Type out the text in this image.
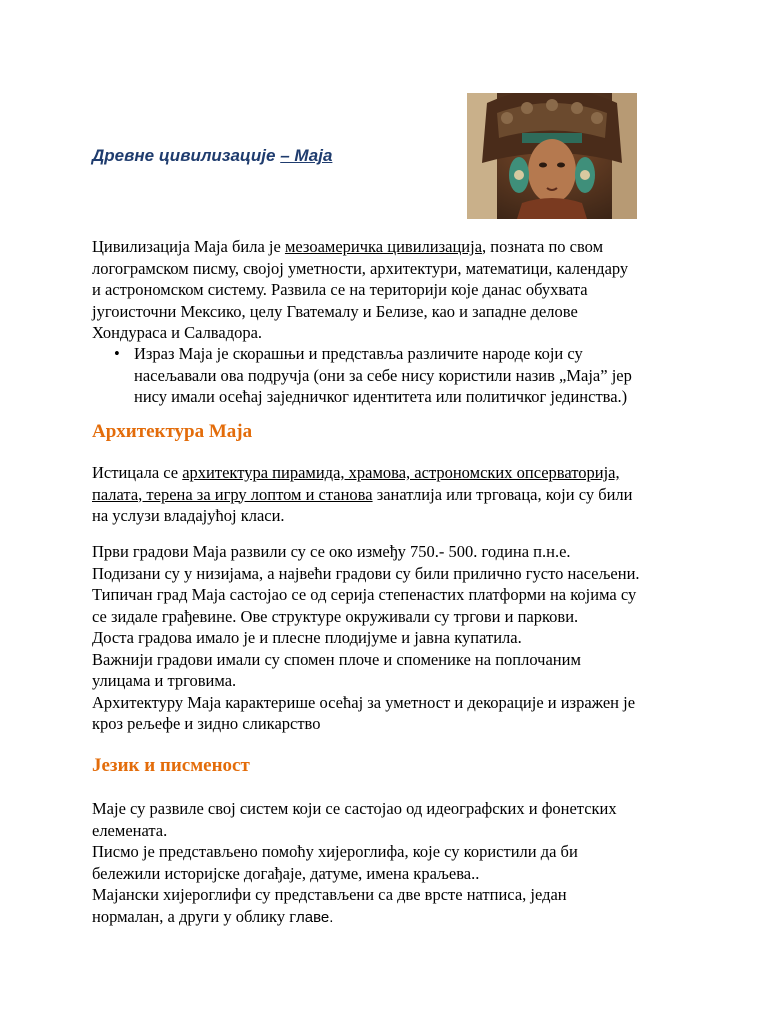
Древне цивилизације – Маја

Цивилизација Маја била је мезоамеричка цивилизација, позната по свом
логограмском писму, својој уметности, архитектури, математици, календару
и астрономском систему. Развила се на територији које данас обухвата
југоисточни Мексико, целу Гватемалу и Белизе, као и западне делове
Хондураса и Салвадора.
• Израз Маја је скорашњи и представља различите народе који су
насељавали ова подручја (они за себе нису користили назив „Маја” јер
нису имали осећај заједничког идентитета или политичког јединства.)
Архитектура Маја
Истицала се архитектура пирамида, храмова, астрономских опсерваторија,
палата, терена за игру лоптом и станова занатлија или трговаца, који су били
на услузи владајућој класи.
Први градови Маја развили су се око између 750.- 500. година п.н.е.
Подизани су у низијама, а највећи градови су били прилично густо насељени.
Типичан град Маја састојао се од серија степенастих платформи на којима су
се зидале грађевине. Ове структуре окруживали су тргови и паркови.
Доста градова имало је и плесне плодијуме и јавна купатила.
Важнији градови имали су спомен плоче и споменике на поплочаним
улицама и трговима.
Архитектуру Маја карактерише осећај за уметност и декорације и изражен је
кроз рељефе и зидно сликарство
Језик и писменост
Маје су развиле свој систем који се састојао од идеографских и фонетских
елемената.
Писмо је представљено помоћу хијероглифа, које су користили да би
бележили историјске догађаје, датуме, имена краљева..
Мајански хијероглифи су представљени са две врсте натписа, један
нормалан, а други у облику главе.
